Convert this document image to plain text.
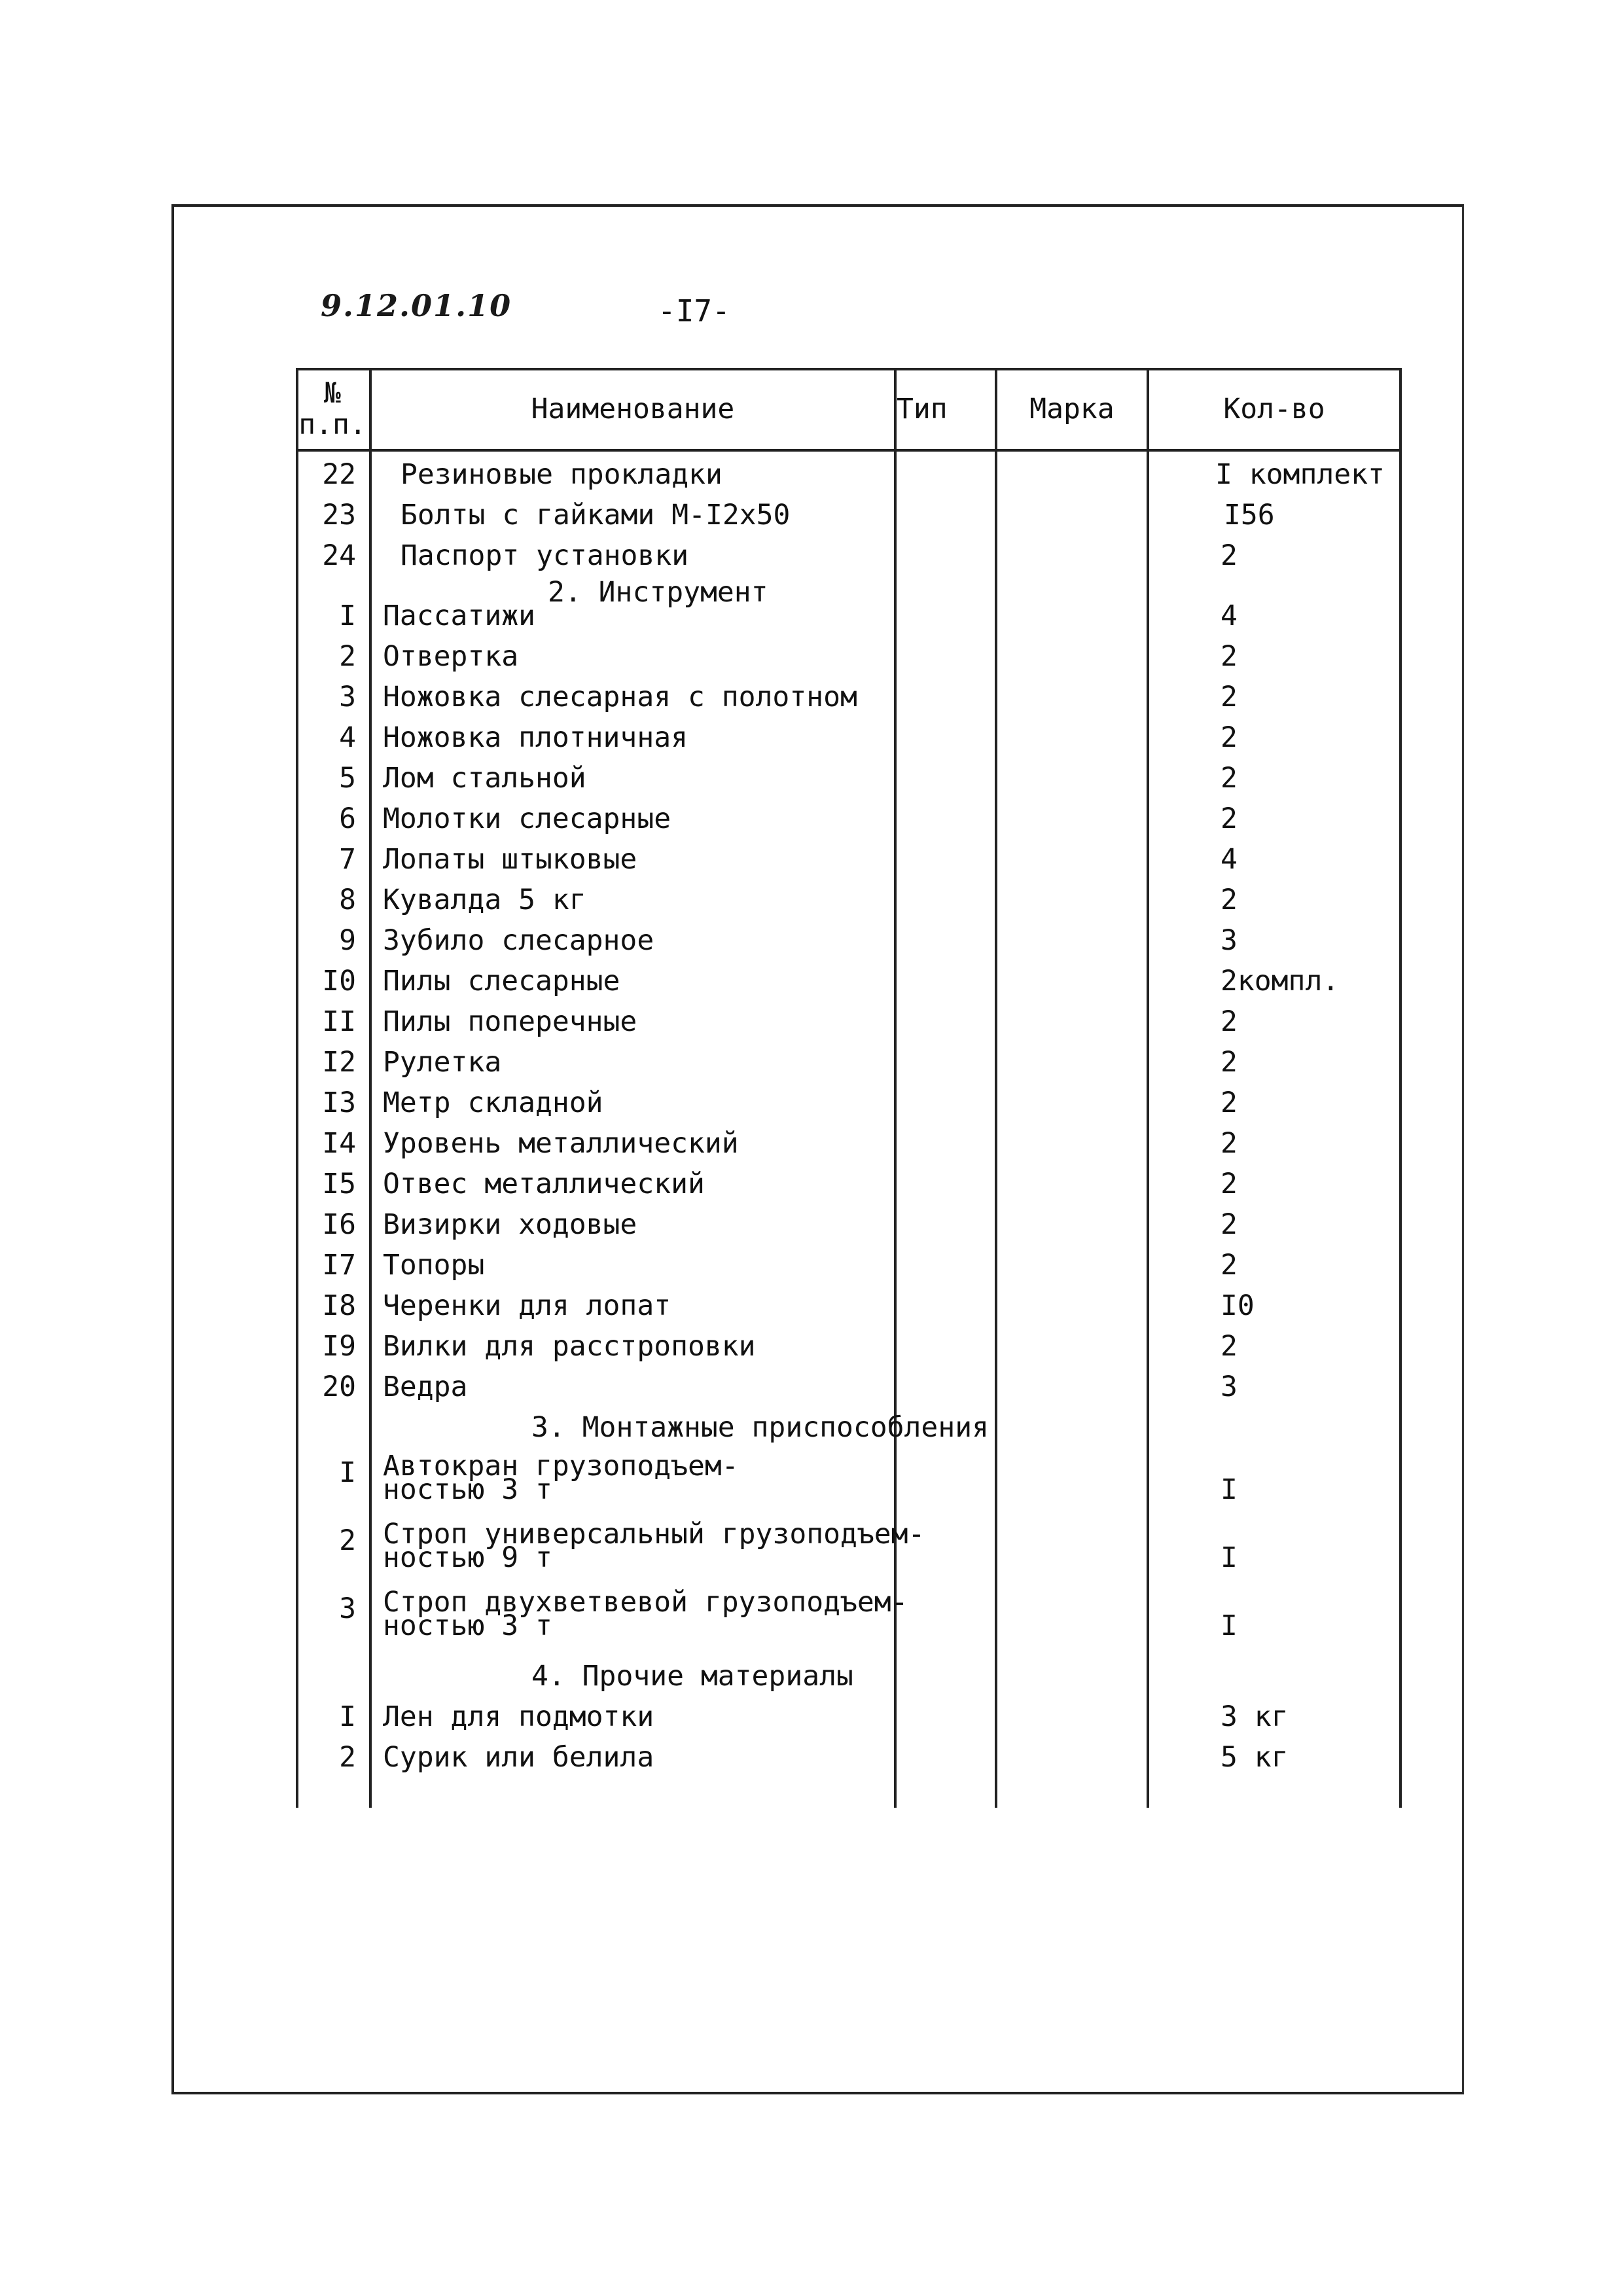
9.12.01.10	-I7-
№ п.п.	Наименование	Тип	Марка	Кол-во
22 Резиновые прокладки	I комплект
23 Болты с гайками М-I2x50	I56
24 Паспорт установки	2
2. Инструмент
I Пассатижи	4
2 Отвертка	2
3 Ножовка слесарная с полотном	2
4 Ножовка плотничная	2
5 Лом стальной	2
6 Молотки слесарные	2
7 Лопаты штыковые	4
8 Кувалда 5 кг	2
9 Зубило слесарное	3
I0 Пилы слесарные	2компл.
II Пилы поперечные	2
I2 Рулетка	2
I3 Метр складной	2
I4 Уровень металлический	2
I5 Отвес металлический	2
I6 Визирки ходовые	2
I7 Топоры	2
I8 Черенки для лопат	I0
I9 Вилки для расстроповки	2
20 Ведра	3
3. Монтажные приспособления
I Автокран грузоподъем-
ностью 3 т	I
2 Строп универсальный грузоподъем-
ностью 9 т	I
3 Строп двухветвевой грузоподъем-
ностью 3 т	I
4. Прочие материалы
I Лен для подмотки	3 кг
2 Сурик или белила	5 кг
